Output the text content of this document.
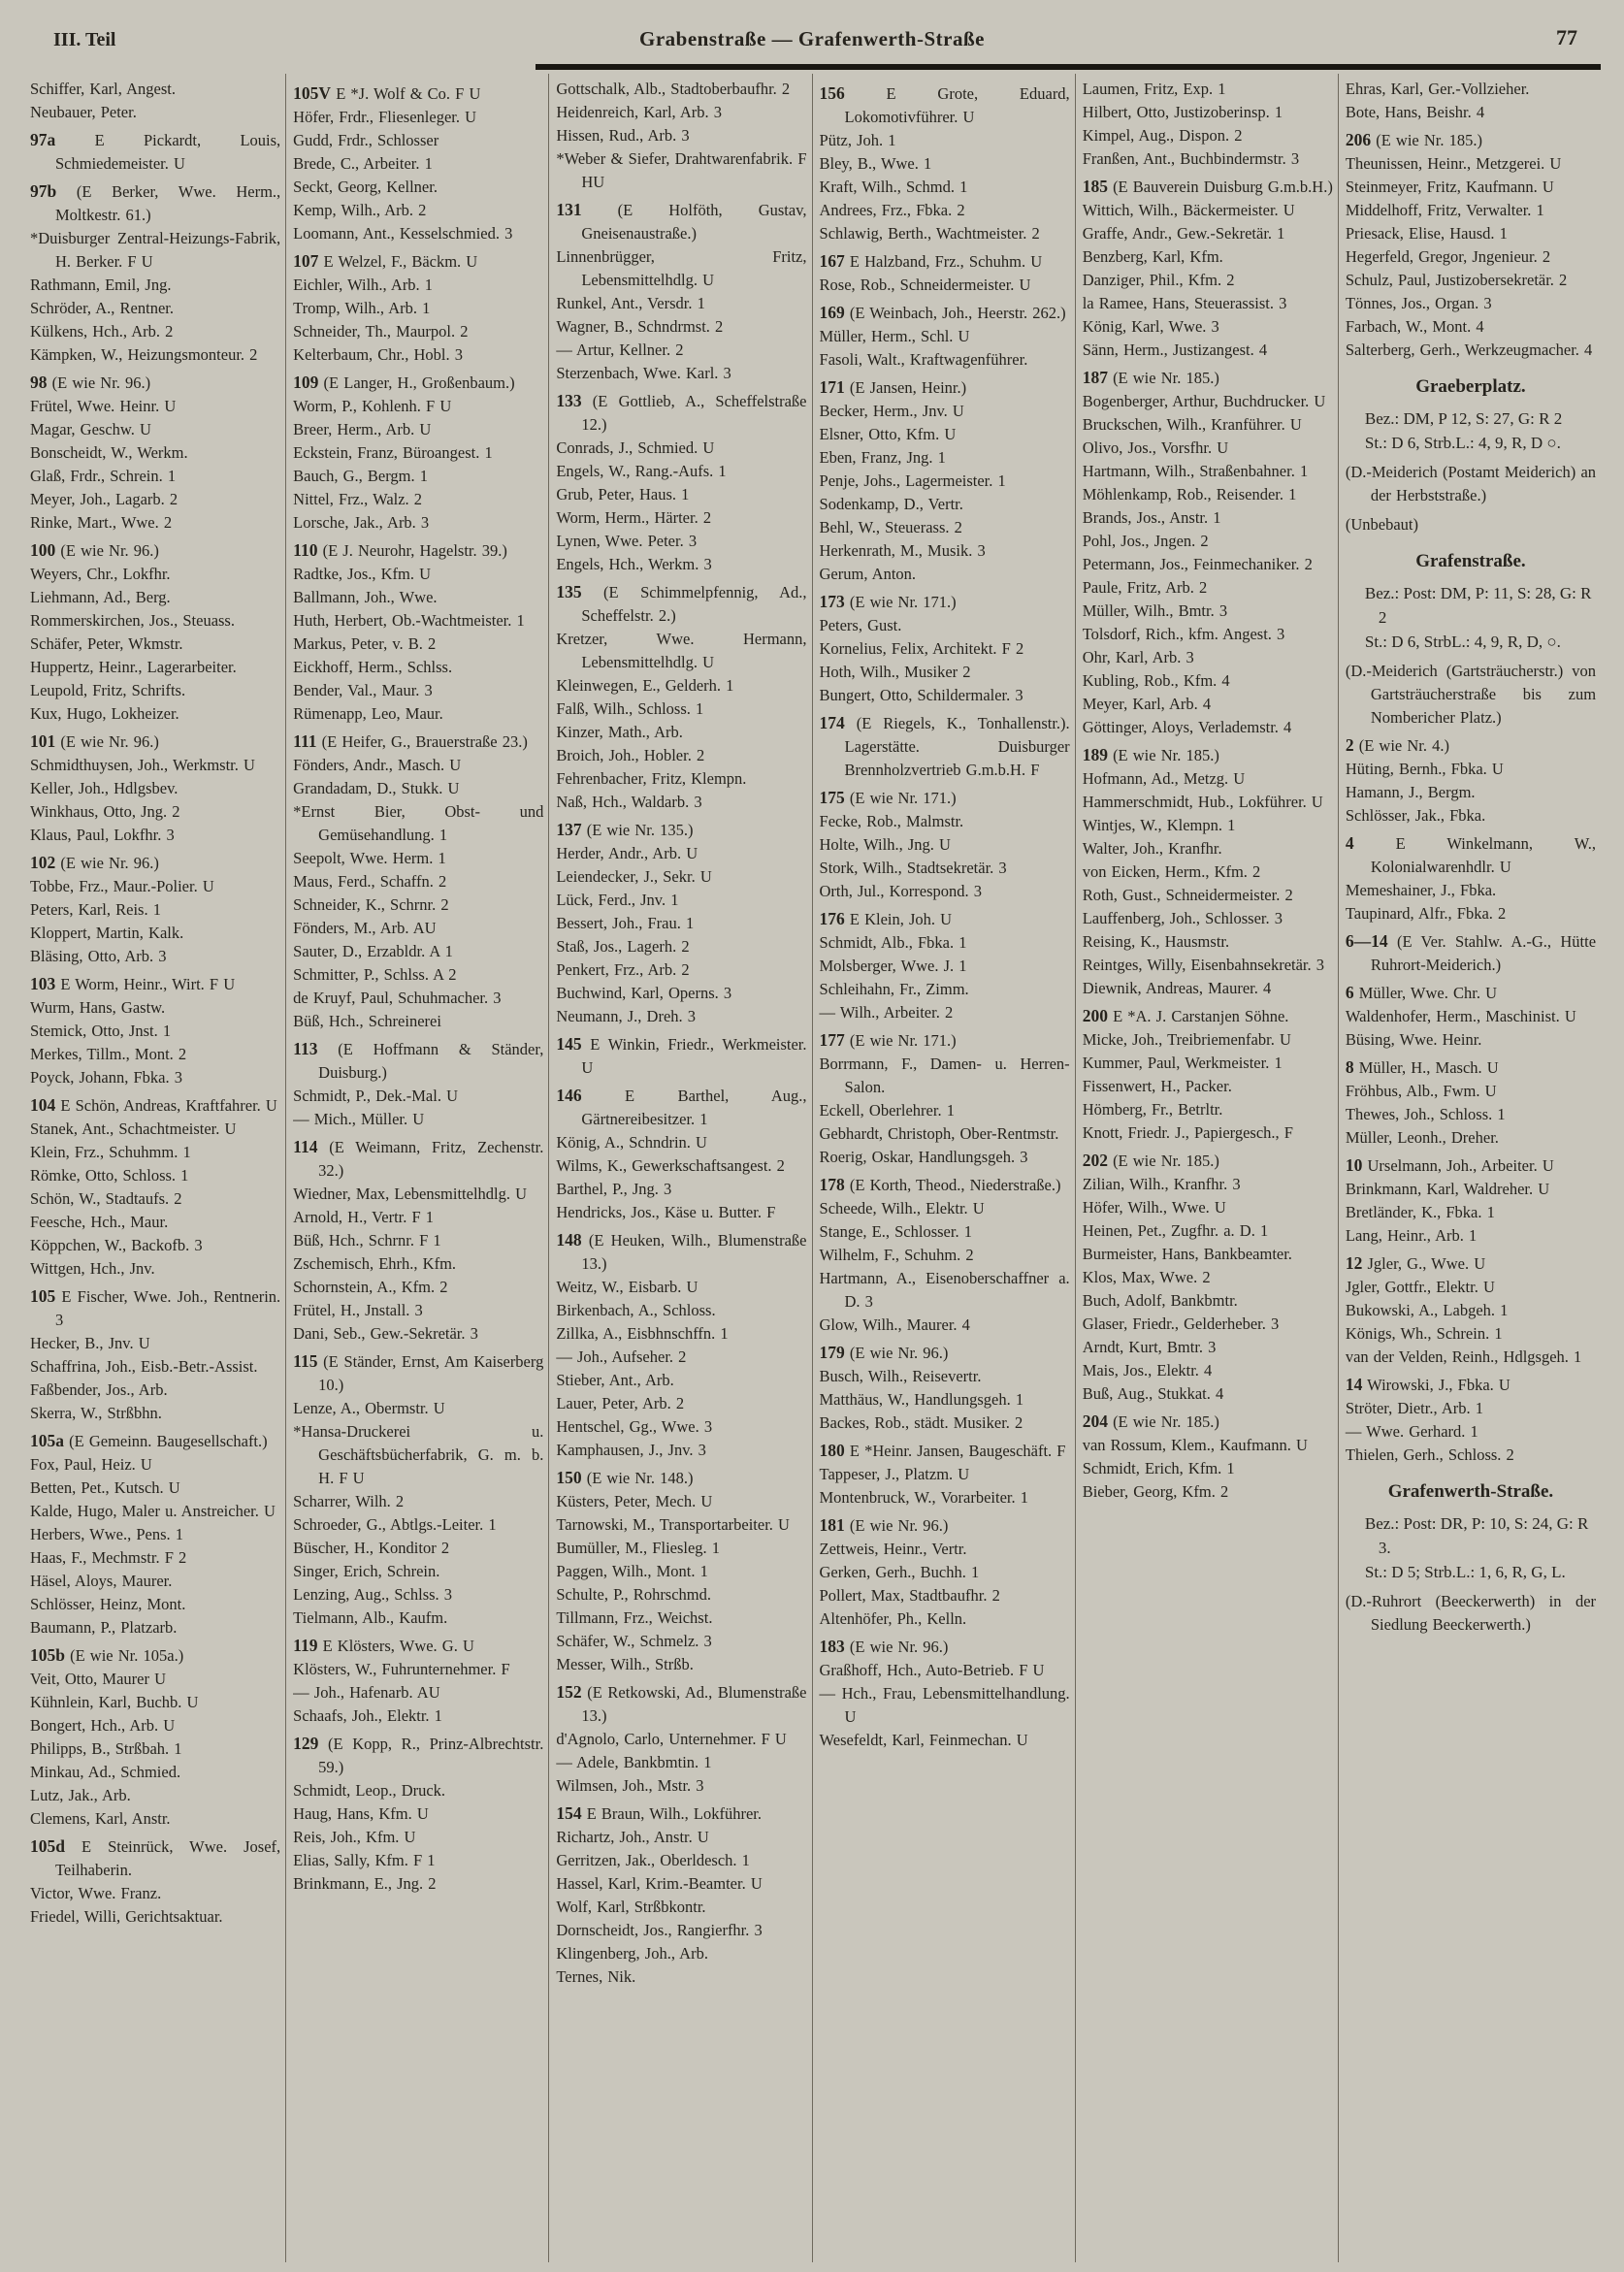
III. Teil	Grabenstraße — Grafenwerth-Straße	77
Schiffer, Karl, Angest.
Neubauer, Peter.
97a E Pickardt, Louis, Schmiedemeister. U
97b (E Berker, Wwe. Herm., Moltkestr. 61.)
*Duisburger Zentral-Heizungs-Fabrik, H. Berker. F U
Rathmann, Emil, Jng.
Schröder, A., Rentner.
Külkens, Hch., Arb. 2
Kämpken, W., Heizungsmonteur. 2
98 (E wie Nr. 96.)
Frütel, Wwe. Heinr. U
Magar, Geschw. U
Bonscheidt, W., Werkm.
Glaß, Frdr., Schrein. 1
Meyer, Joh., Lagarb. 2
Rinke, Mart., Wwe. 2
100 (E wie Nr. 96.)
Weyers, Chr., Lokfhr.
Liehmann, Ad., Berg.
Rommerskirchen, Jos., Steuass.
Schäfer, Peter, Wkmstr.
Huppertz, Heinr., Lagerarbeiter.
Leupold, Fritz, Schrifts.
Kux, Hugo, Lokheizer.
101 (E wie Nr. 96.)
Schmidthuysen, Joh., Werkmstr. U
Keller, Joh., Hdlgsbev.
Winkhaus, Otto, Jng. 2
Klaus, Paul, Lokfhr. 3
102 (E wie Nr. 96.)
Tobbe, Frz., Maur.-Polier. U
Peters, Karl, Reis. 1
Kloppert, Martin, Kalk.
Bläsing, Otto, Arb. 3
103 E Worm, Heinr., Wirt. F U
Wurm, Hans, Gastw.
Stemick, Otto, Jnst. 1
Merkes, Tillm., Mont. 2
Poyck, Johann, Fbka. 3
104 E Schön, Andreas, Kraftfahrer. U
Stanek, Ant., Schachtmeister. U
Klein, Frz., Schuhmm. 1
Römke, Otto, Schloss. 1
Schön, W., Stadtaufs. 2
Feesche, Hch., Maur.
Köppchen, W., Backofb. 3
Wittgen, Hch., Jnv.
105 E Fischer, Wwe. Joh., Rentnerin. 3
Hecker, B., Jnv. U
Schaffrina, Joh., Eisb.-Betr.-Assist.
Faßbender, Jos., Arb.
Skerra, W., Strßbhn.
105a (E Gemeinn. Baugesellschaft.)
Fox, Paul, Heiz. U
Betten, Pet., Kutsch. U
Kalde, Hugo, Maler u. Anstreicher. U
Herbers, Wwe., Pens. 1
Haas, F., Mechmstr. F 2
Häsel, Aloys, Maurer.
Schlösser, Heinz, Mont.
Baumann, P., Platzarb.
105b (E wie Nr. 105a.)
Veit, Otto, Maurer U
Kühnlein, Karl, Buchb. U
Bongert, Hch., Arb. U
Philipps, B., Strßbah. 1
Minkau, Ad., Schmied.
Lutz, Jak., Arb.
Clemens, Karl, Anstr.
105d E Steinrück, Wwe. Josef, Teilhaberin.
Victor, Wwe. Franz.
Friedel, Willi, Gerichtsaktuar.
105V E *J. Wolf & Co. F U
Höfer, Frdr., Fliesenleger. U
Gudd, Frdr., Schlosser
Brede, C., Arbeiter. 1
Seckt, Georg, Kellner.
Kemp, Wilh., Arb. 2
Loomann, Ant., Kesselschmied. 3
107 E Welzel, F., Bäckm. U
Eichler, Wilh., Arb. 1
Tromp, Wilh., Arb. 1
Schneider, Th., Maurpol. 2
Kelterbaum, Chr., Hobl. 3
109 (E Langer, H., Großenbaum.)
Worm, P., Kohlenh. F U
Breer, Herm., Arb. U
Eckstein, Franz, Büroangest. 1
Bauch, G., Bergm. 1
Nittel, Frz., Walz. 2
Lorsche, Jak., Arb. 3
110 (E J. Neurohr, Hagelstr. 39.)
Radtke, Jos., Kfm. U
Ballmann, Joh., Wwe.
Huth, Herbert, Ob.-Wachtmeister. 1
Markus, Peter, v. B. 2
Eickhoff, Herm., Schlss.
Bender, Val., Maur. 3
Rümenapp, Leo, Maur.
111 (E Heifer, G., Brauerstraße 23.)
Fönders, Andr., Masch. U
Grandadam, D., Stukk. U
*Ernst Bier, Obst- und Gemüsehandlung. 1
Seepolt, Wwe. Herm. 1
Maus, Ferd., Schaffn. 2
Schneider, K., Schrnr. 2
Fönders, M., Arb. AU
Sauter, D., Erzabldr. A 1
Schmitter, P., Schlss. A 2
de Kruyf, Paul, Schuhmacher. 3
Büß, Hch., Schreinerei
113 (E Hoffmann & Ständer, Duisburg.)
Schmidt, P., Dek.-Mal. U
— Mich., Müller. U
114 (E Weimann, Fritz, Zechenstr. 32.)
Wiedner, Max, Lebensmittelhdlg. U
Arnold, H., Vertr. F 1
Büß, Hch., Schrnr. F 1
Zschemisch, Ehrh., Kfm.
Schornstein, A., Kfm. 2
Frütel, H., Jnstall. 3
Dani, Seb., Gew.-Sekretär. 3
115 (E Ständer, Ernst, Am Kaiserberg 10.)
Lenze, A., Obermstr. U
*Hansa-Druckerei u. Geschäftsbücherfabrik, G. m. b. H. F U
Scharrer, Wilh. 2
Schroeder, G., Abtlgs.-Leiter. 1
Büscher, H., Konditor 2
Singer, Erich, Schrein.
Lenzing, Aug., Schlss. 3
Tielmann, Alb., Kaufm.
119 E Klösters, Wwe. G. U
Klösters, W., Fuhrunternehmer. F
— Joh., Hafenarb. AU
Schaafs, Joh., Elektr. 1
129 (E Kopp, R., Prinz-Albrechtstr. 59.)
Schmidt, Leop., Druck.
Haug, Hans, Kfm. U
Reis, Joh., Kfm. U
Elias, Sally, Kfm. F 1
Brinkmann, E., Jng. 2
Gottschalk, Alb., Stadtoberbaufhr. 2
Heidenreich, Karl, Arb. 3
Hissen, Rud., Arb. 3
*Weber & Siefer, Drahtwarenfabrik. F HU
131 (E Holföth, Gustav, Gneisenaustraße.)
Linnenbrügger, Fritz, Lebensmittelhdlg. U
Runkel, Ant., Versdr. 1
Wagner, B., Schndrmst. 2
— Artur, Kellner. 2
Sterzenbach, Wwe. Karl. 3
133 (E Gottlieb, A., Scheffelstraße 12.)
Conrads, J., Schmied. U
Engels, W., Rang.-Aufs. 1
Grub, Peter, Haus. 1
Worm, Herm., Härter. 2
Lynen, Wwe. Peter. 3
Engels, Hch., Werkm. 3
135 (E Schimmelpfennig, Ad., Scheffelstr. 2.)
Kretzer, Wwe. Hermann, Lebensmittelhdlg. U
Kleinwegen, E., Gelderh. 1
Falß, Wilh., Schloss. 1
Kinzer, Math., Arb.
Broich, Joh., Hobler. 2
Fehrenbacher, Fritz, Klempn.
Naß, Hch., Waldarb. 3
137 (E wie Nr. 135.)
Herder, Andr., Arb. U
Leiendecker, J., Sekr. U
Lück, Ferd., Jnv. 1
Bessert, Joh., Frau. 1
Staß, Jos., Lagerh. 2
Penkert, Frz., Arb. 2
Buchwind, Karl, Operns. 3
Neumann, J., Dreh. 3
145 E Winkin, Friedr., Werkmeister. U
146 E Barthel, Aug., Gärtnereibesitzer. 1
König, A., Schndrin. U
Wilms, K., Gewerkschaftsangest. 2
Barthel, P., Jng. 3
Hendricks, Jos., Käse u. Butter. F
148 (E Heuken, Wilh., Blumenstraße 13.)
Weitz, W., Eisbarb. U
Birkenbach, A., Schloss.
Zillka, A., Eisbhnschffn. 1
— Joh., Aufseher. 2
Stieber, Ant., Arb.
Lauer, Peter, Arb. 2
Hentschel, Gg., Wwe. 3
Kamphausen, J., Jnv. 3
150 (E wie Nr. 148.)
Küsters, Peter, Mech. U
Tarnowski, M., Transportarbeiter. U
Bumüller, M., Fliesleg. 1
Paggen, Wilh., Mont. 1
Schulte, P., Rohrschmd.
Tillmann, Frz., Weichst.
Schäfer, W., Schmelz. 3
Messer, Wilh., Strßb.
152 (E Retkowski, Ad., Blumenstraße 13.)
d'Agnolo, Carlo, Unternehmer. F U
— Adele, Bankbmtin. 1
Wilmsen, Joh., Mstr. 3
154 E Braun, Wilh., Lokführer.
Richartz, Joh., Anstr. U
Gerritzen, Jak., Oberldesch. 1
Hassel, Karl, Krim.-Beamter. U
Wolf, Karl, Strßbkontr.
Dornscheidt, Jos., Rangierfhr. 3
Klingenberg, Joh., Arb.
Ternes, Nik.
156 E Grote, Eduard, Lokomotivführer. U
Pütz, Joh. 1
Bley, B., Wwe. 1
Kraft, Wilh., Schmd. 1
Andrees, Frz., Fbka. 2
Schlawig, Berth., Wachtmeister. 2
167 E Halzband, Frz., Schuhm. U
Rose, Rob., Schneidermeister. U
169 (E Weinbach, Joh., Heerstr. 262.)
Müller, Herm., Schl. U
Fasoli, Walt., Kraftwagenführer.
171 (E Jansen, Heinr.)
Becker, Herm., Jnv. U
Elsner, Otto, Kfm. U
Eben, Franz, Jng. 1
Penje, Johs., Lagermeister. 1
Sodenkamp, D., Vertr.
Behl, W., Steuerass. 2
Herkenrath, M., Musik. 3
Gerum, Anton.
173 (E wie Nr. 171.)
Peters, Gust.
Kornelius, Felix, Architekt. F 2
Hoth, Wilh., Musiker 2
Bungert, Otto, Schildermaler. 3
174 (E Riegels, K., Tonhallenstr.). Lagerstätte. Duisburger Brennholzvertrieb G.m.b.H. F
175 (E wie Nr. 171.)
Fecke, Rob., Malmstr.
Holte, Wilh., Jng. U
Stork, Wilh., Stadtsekretär. 3
Orth, Jul., Korrespond. 3
176 E Klein, Joh. U
Schmidt, Alb., Fbka. 1
Molsberger, Wwe. J. 1
Schleihahn, Fr., Zimm.
— Wilh., Arbeiter. 2
177 (E wie Nr. 171.)
Borrmann, F., Damen- u. Herren-Salon.
Eckell, Oberlehrer. 1
Gebhardt, Christoph, Ober-Rentmstr.
Roerig, Oskar, Handlungsgeh. 3
178 (E Korth, Theod., Niederstraße.)
Scheede, Wilh., Elektr. U
Stange, E., Schlosser. 1
Wilhelm, F., Schuhm. 2
Hartmann, A., Eisenoberschaffner a. D. 3
Glow, Wilh., Maurer. 4
179 (E wie Nr. 96.)
Busch, Wilh., Reisevertr.
Matthäus, W., Handlungsgeh. 1
Backes, Rob., städt. Musiker. 2
180 E *Heinr. Jansen, Baugeschäft. F
Tappeser, J., Platzm. U
Montenbruck, W., Vorarbeiter. 1
181 (E wie Nr. 96.)
Zettweis, Heinr., Vertr.
Gerken, Gerh., Buchh. 1
Pollert, Max, Stadtbaufhr. 2
Altenhöfer, Ph., Kelln.
183 (E wie Nr. 96.)
Graßhoff, Hch., Auto-Betrieb. F U
— Hch., Frau, Lebensmittelhandlung. U
Wesefeldt, Karl, Feinmechan. U
Laumen, Fritz, Exp. 1
Hilbert, Otto, Justizoberinsp. 1
Kimpel, Aug., Dispon. 2
Franßen, Ant., Buchbindermstr. 3
185 (E Bauverein Duisburg G.m.b.H.)
Wittich, Wilh., Bäckermeister. U
Graffe, Andr., Gew.-Sekretär. 1
Benzberg, Karl, Kfm.
Danziger, Phil., Kfm. 2
la Ramee, Hans, Steuerassist. 3
König, Karl, Wwe. 3
Sänn, Herm., Justizangest. 4
187 (E wie Nr. 185.)
Bogenberger, Arthur, Buchdrucker. U
Bruckschen, Wilh., Kranführer. U
Olivo, Jos., Vorsfhr. U
Hartmann, Wilh., Straßenbahner. 1
Möhlenkamp, Rob., Reisender. 1
Brands, Jos., Anstr. 1
Pohl, Jos., Jngen. 2
Petermann, Jos., Feinmechaniker. 2
Paule, Fritz, Arb. 2
Müller, Wilh., Bmtr. 3
Tolsdorf, Rich., kfm. Angest. 3
Ohr, Karl, Arb. 3
Kubling, Rob., Kfm. 4
Meyer, Karl, Arb. 4
Göttinger, Aloys, Verlademstr. 4
189 (E wie Nr. 185.)
Hofmann, Ad., Metzg. U
Hammerschmidt, Hub., Lokführer. U
Wintjes, W., Klempn. 1
Walter, Joh., Kranfhr.
von Eicken, Herm., Kfm. 2
Roth, Gust., Schneidermeister. 2
Lauffenberg, Joh., Schlosser. 3
Reising, K., Hausmstr.
Reintges, Willy, Eisenbahnsekretär. 3
Diewnik, Andreas, Maurer. 4
200 E *A. J. Carstanjen Söhne.
Micke, Joh., Treibriemenfabr. U
Kummer, Paul, Werkmeister. 1
Fissenwert, H., Packer.
Hömberg, Fr., Betrltr.
Knott, Friedr. J., Papiergesch., F
202 (E wie Nr. 185.)
Zilian, Wilh., Kranfhr. 3
Höfer, Wilh., Wwe. U
Heinen, Pet., Zugfhr. a. D. 1
Burmeister, Hans, Bankbeamter.
Klos, Max, Wwe. 2
Buch, Adolf, Bankbmtr.
Glaser, Friedr., Gelderheber. 3
Arndt, Kurt, Bmtr. 3
Mais, Jos., Elektr. 4
Buß, Aug., Stukkat. 4
204 (E wie Nr. 185.)
van Rossum, Klem., Kaufmann. U
Schmidt, Erich, Kfm. 1
Bieber, Georg, Kfm. 2
Ehras, Karl, Ger.-Vollzieher.
Bote, Hans, Beishr. 4
206 (E wie Nr. 185.)
Theunissen, Heinr., Metzgerei. U
Steinmeyer, Fritz, Kaufmann. U
Middelhoff, Fritz, Verwalter. 1
Priesack, Elise, Hausd. 1
Hegerfeld, Gregor, Jngenieur. 2
Schulz, Paul, Justizobersekretär. 2
Tönnes, Jos., Organ. 3
Farbach, W., Mont. 4
Salterberg, Gerh., Werkzeugmacher. 4
Graeberplatz.
Bez.: DM, P 12, S: 27, G: R 2
St.: D 6, Strb.L.: 4, 9, R, D ○.
(D.-Meiderich (Postamt Meiderich) an der Herbststraße.)
(Unbebaut)
Grafenstraße.
Bez.: Post: DM, P: 11, S: 28, G: R 2
St.: D 6, StrbL.: 4, 9, R, D, ○.
(D.-Meiderich (Gartsträucherstr.) von Gartsträucherstraße bis zum Nombericher Platz.)
2 (E wie Nr. 4.)
Hüting, Bernh., Fbka. U
Hamann, J., Bergm.
Schlösser, Jak., Fbka.
4 E Winkelmann, W., Kolonialwarenhdlr. U
Memeshainer, J., Fbka.
Taupinard, Alfr., Fbka. 2
6—14 (E Ver. Stahlw. A.-G., Hütte Ruhrort-Meiderich.)
6 Müller, Wwe. Chr. U
Waldenhofer, Herm., Maschinist. U
Büsing, Wwe. Heinr.
8 Müller, H., Masch. U
Fröhbus, Alb., Fwm. U
Thewes, Joh., Schloss. 1
Müller, Leonh., Dreher.
10 Urselmann, Joh., Arbeiter. U
Brinkmann, Karl, Waldreher. U
Bretländer, K., Fbka. 1
Lang, Heinr., Arb. 1
12 Jgler, G., Wwe. U
Jgler, Gottfr., Elektr. U
Bukowski, A., Labgeh. 1
Königs, Wh., Schrein. 1
van der Velden, Reinh., Hdlgsgeh. 1
14 Wirowski, J., Fbka. U
Ströter, Dietr., Arb. 1
— Wwe. Gerhard. 1
Thielen, Gerh., Schloss. 2
Grafenwerth-Straße.
Bez.: Post: DR, P: 10, S: 24, G: R 3.
St.: D 5; Strb.L.: 1, 6, R, G, L.
(D.-Ruhrort (Beeckerwerth) in der Siedlung Beeckerwerth.)
